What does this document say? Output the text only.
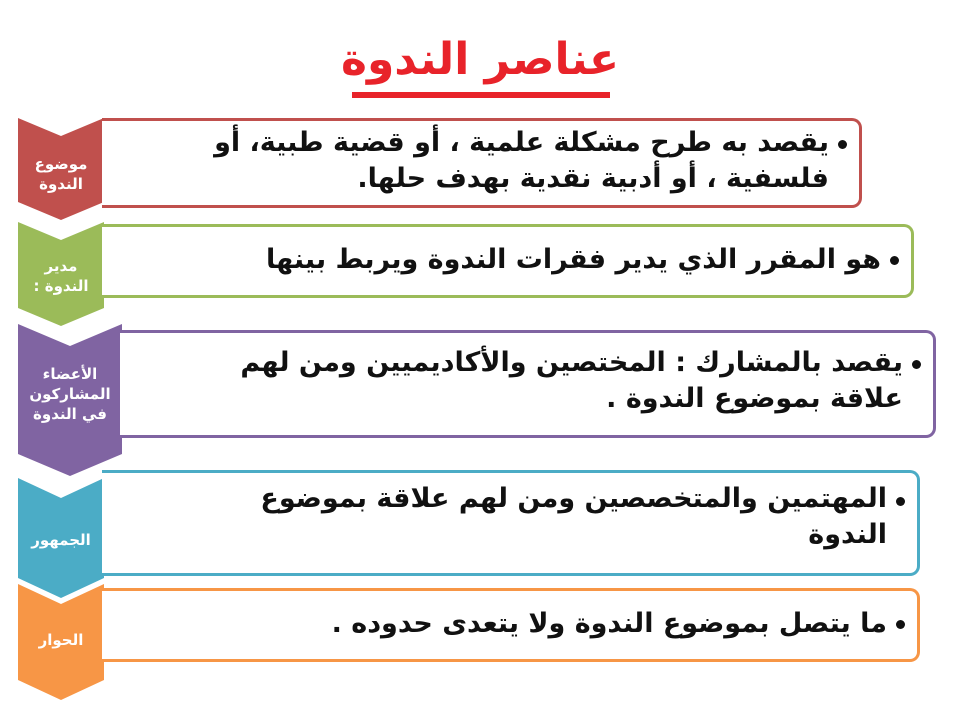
عناصر الندوة
موضوع
الندوة
يقصد به طرح مشكلة علمية ، أو قضية طبية، أو فلسفية ، أو أدبية نقدية بهدف حلها.
مدير
الندوة :
هو المقرر الذي يدير فقرات الندوة ويربط بينها
الأعضاء
المشاركون
في الندوة
يقصد بالمشارك : المختصين والأكاديميين ومن لهم علاقة بموضوع الندوة .
الجمهور
المهتمين والمتخصصين ومن لهم علاقة بموضوع الندوة
الحوار
ما يتصل بموضوع الندوة ولا يتعدى حدوده .
